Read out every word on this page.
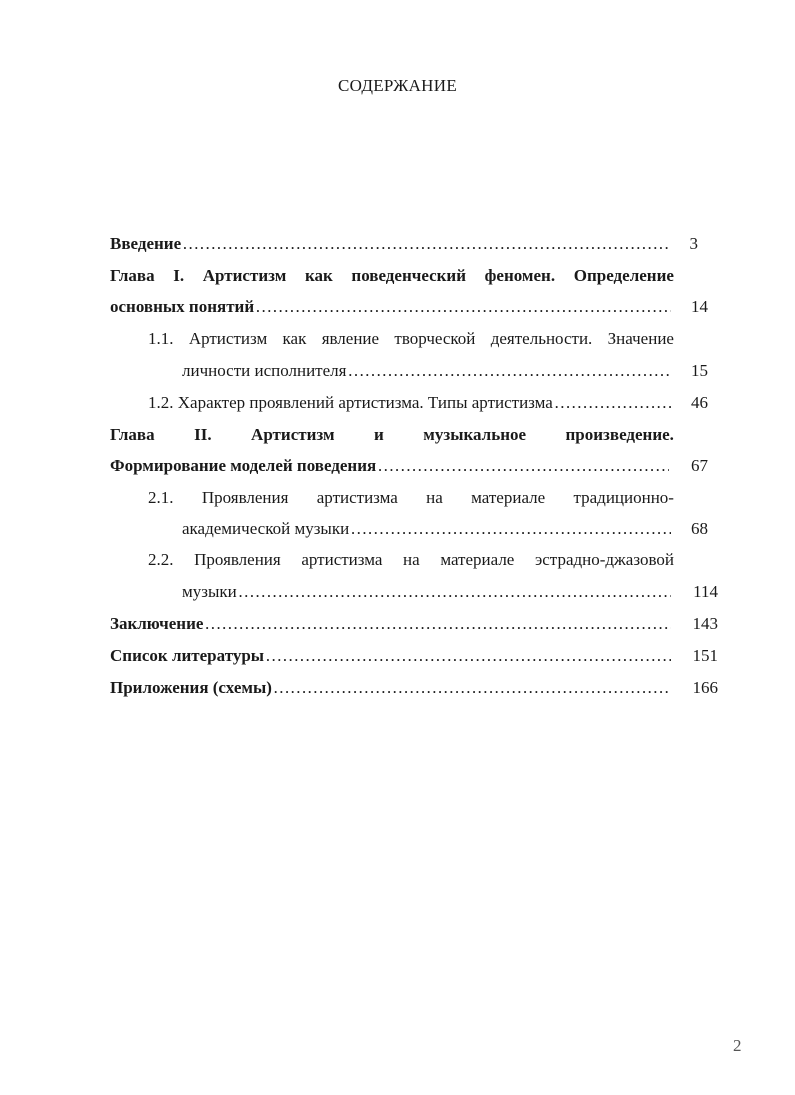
СОДЕРЖАНИЕ
Введение ……………………………………………………………………………………………………………………………………………………………………………………	3
Глава I. Артистизм как поведенческий феномен. Определение
основных понятий ……………………………………………………………………………………………………………………………………………………………………………………	14
1.1. Артистизм как явление творческой деятельности. Значение
личности исполнителя ……………………………………………………………………………………………………………………………………………………………………………………	15
1.2. Характер проявлений артистизма. Типы артистизма ……………………………………………………………………………………………………………………………………………………………………………………	46
Глава II. Артистизм и музыкальное произведение.
Формирование моделей поведения ……………………………………………………………………………………………………………………………………………………………………………………	67
2.1. Проявления артистизма на материале традиционно-
академической музыки ……………………………………………………………………………………………………………………………………………………………………………………	68
2.2. Проявления артистизма на материале эстрадно-джазовой
музыки ……………………………………………………………………………………………………………………………………………………………………………………	114
Заключение ……………………………………………………………………………………………………………………………………………………………………………………	143
Список литературы ……………………………………………………………………………………………………………………………………………………………………………………	151
Приложения (схемы) ……………………………………………………………………………………………………………………………………………………………………………………	166
2
